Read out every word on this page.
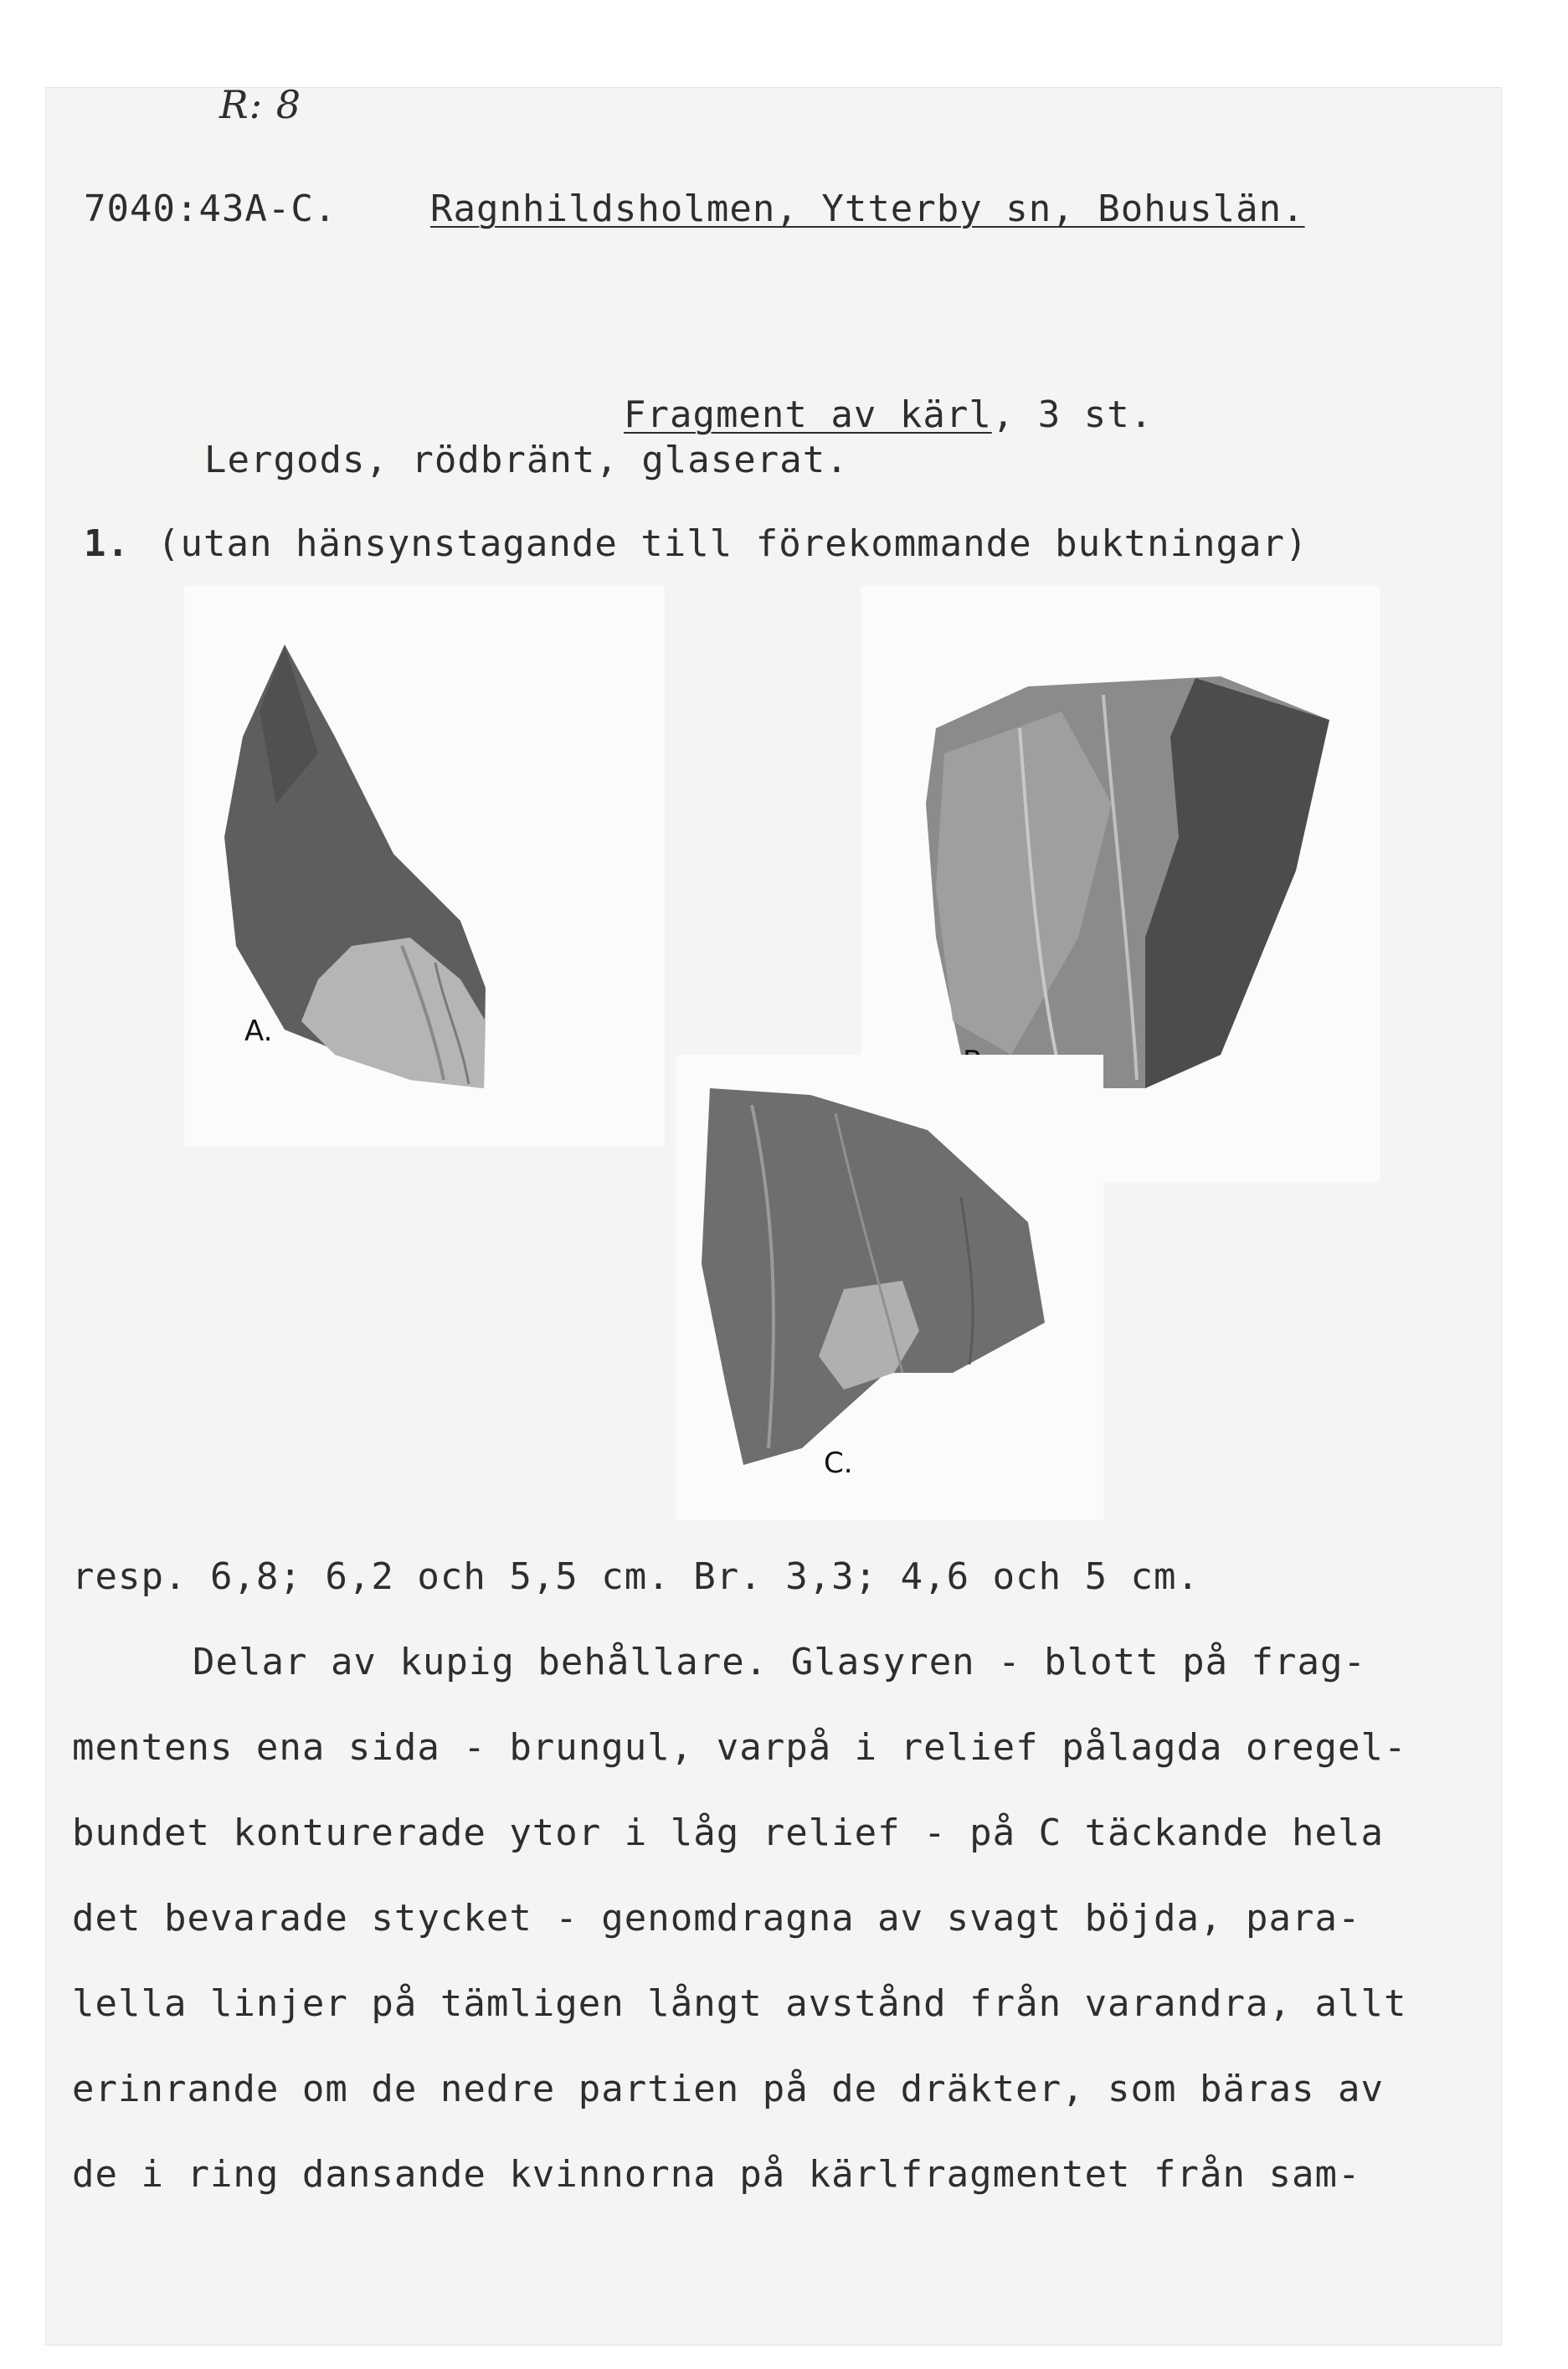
R: 8
7040:43A-C.	Ragnhildsholmen, Ytterby sn, Bohuslän.

Fragment av kärl, 3 st.

Lergods, rödbränt, glaserat.
1. (utan hänsynstagande till förekommande buktningar)
A.
C.
resp. 6,8; 6,2 och 5,5 cm. Br. 3,3; 4,6 och 5 cm.
Delar av kupig behållare. Glasyren - blott på frag-
mentens ena sida - brungul, varpå i relief pålagda oregel-
bundet konturerade ytor i låg relief - på C täckande hela
det bevarade stycket - genomdragna av svagt böjda, para-
lella linjer på tämligen långt avstånd från varandra, allt
erinrande om de nedre partien på de dräkter, som bäras av
de i ring dansande kvinnorna på kärlfragmentet från sam-
